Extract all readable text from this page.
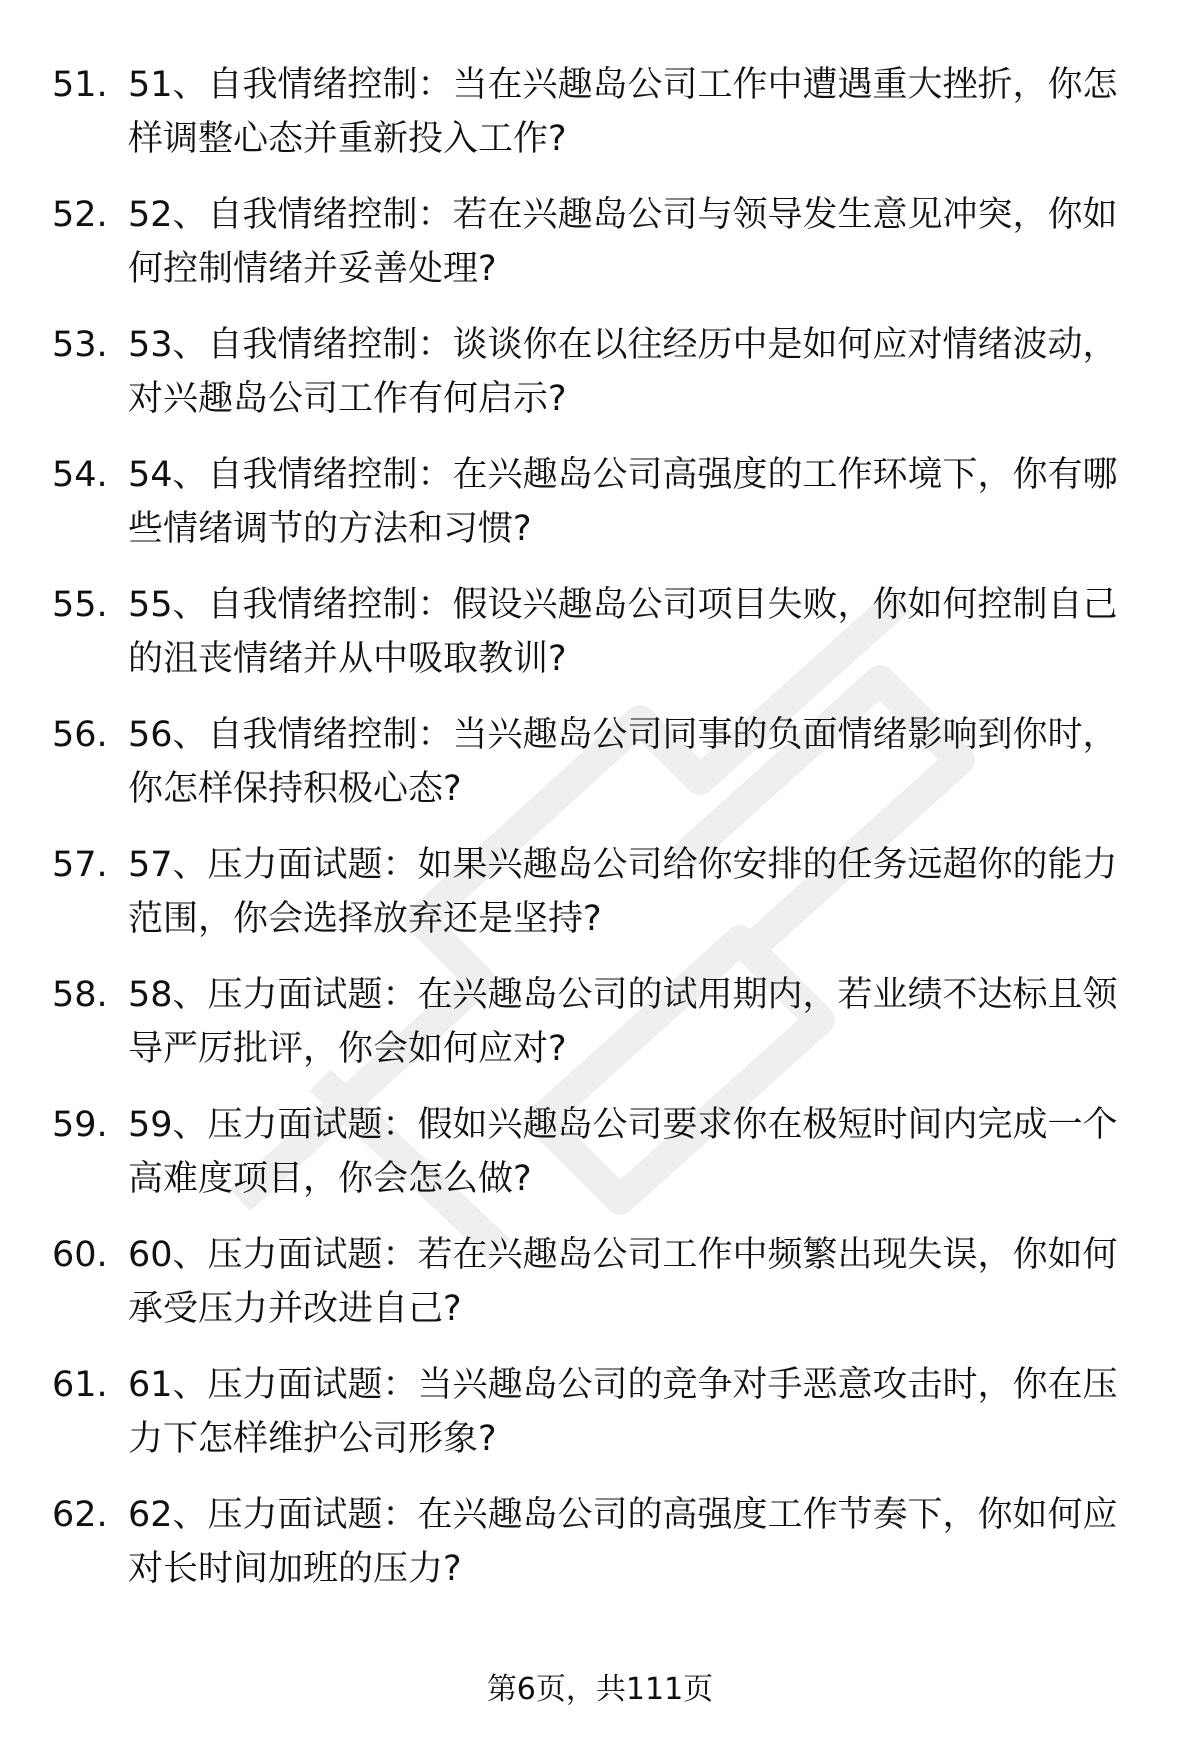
51. 51、自我情绪控制：当在兴趣岛公司工作中遭遇重大挫折，你怎样调整心态并重新投入工作?
52. 52、自我情绪控制：若在兴趣岛公司与领导发生意见冲突，你如何控制情绪并妥善处理?
53. 53、自我情绪控制：谈谈你在以往经历中是如何应对情绪波动，对兴趣岛公司工作有何启示?
54. 54、自我情绪控制：在兴趣岛公司高强度的工作环境下，你有哪些情绪调节的方法和习惯?
55. 55、自我情绪控制：假设兴趣岛公司项目失败，你如何控制自己的沮丧情绪并从中吸取教训?
56. 56、自我情绪控制：当兴趣岛公司同事的负面情绪影响到你时，你怎样保持积极心态?
57. 57、压力面试题：如果兴趣岛公司给你安排的任务远超你的能力范围，你会选择放弃还是坚持?
58. 58、压力面试题：在兴趣岛公司的试用期内，若业绩不达标且领导严厉批评，你会如何应对?
59. 59、压力面试题：假如兴趣岛公司要求你在极短时间内完成一个高难度项目，你会怎么做?
60. 60、压力面试题：若在兴趣岛公司工作中频繁出现失误，你如何承受压力并改进自己?
61. 61、压力面试题：当兴趣岛公司的竞争对手恶意攻击时，你在压力下怎样维护公司形象?
62. 62、压力面试题：在兴趣岛公司的高强度工作节奏下，你如何应对长时间加班的压力?
第6页，共111页
